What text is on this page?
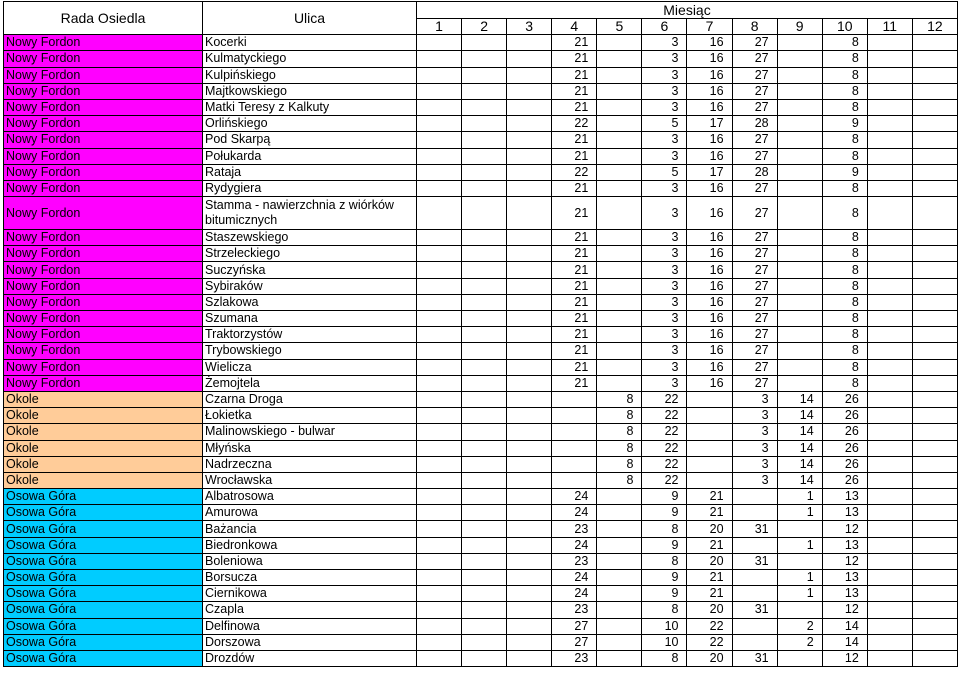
Rada Osiedla	Ulica	Miesiąc											
		1	2	3	4	5	6	7	8	9	10	11	12
Nowy Fordon	Kocerki				21		3	16	27		8		
Nowy Fordon	Kulmatyckiego				21		3	16	27		8		
Nowy Fordon	Kulpińskiego				21		3	16	27		8		
Nowy Fordon	Majtkowskiego				21		3	16	27		8		
Nowy Fordon	Matki Teresy z Kalkuty				21		3	16	27		8		
Nowy Fordon	Orlińskiego				22		5	17	28		9		
Nowy Fordon	Pod Skarpą				21		3	16	27		8		
Nowy Fordon	Połukarda				21		3	16	27		8		
Nowy Fordon	Rataja				22		5	17	28		9		
Nowy Fordon	Rydygiera				21		3	16	27		8		
Nowy Fordon	Stamma - nawierzchnia z wiórków bitumicznych				21		3	16	27		8		
Nowy Fordon	Staszewskiego				21		3	16	27		8		
Nowy Fordon	Strzeleckiego				21		3	16	27		8		
Nowy Fordon	Suczyńska				21		3	16	27		8		
Nowy Fordon	Sybiraków				21		3	16	27		8		
Nowy Fordon	Szlakowa				21		3	16	27		8		
Nowy Fordon	Szumana				21		3	16	27		8		
Nowy Fordon	Traktorzystów				21		3	16	27		8		
Nowy Fordon	Trybowskiego				21		3	16	27		8		
Nowy Fordon	Wielicza				21		3	16	27		8		
Nowy Fordon	Żemojtela				21		3	16	27		8		
Okole	Czarna Droga					8	22		3	14	26		
Okole	Łokietka					8	22		3	14	26		
Okole	Malinowskiego - bulwar					8	22		3	14	26		
Okole	Młyńska					8	22		3	14	26		
Okole	Nadrzeczna					8	22		3	14	26		
Okole	Wrocławska					8	22		3	14	26		
Osowa Góra	Albatrosowa				24		9	21		1	13		
Osowa Góra	Amurowa				24		9	21		1	13		
Osowa Góra	Bażancia				23		8	20	31		12		
Osowa Góra	Biedronkowa				24		9	21		1	13		
Osowa Góra	Boleniowa				23		8	20	31		12		
Osowa Góra	Borsucza				24		9	21		1	13		
Osowa Góra	Ciernikowa				24		9	21		1	13		
Osowa Góra	Czapla				23		8	20	31		12		
Osowa Góra	Delfinowa				27		10	22		2	14		
Osowa Góra	Dorszowa				27		10	22		2	14		
Osowa Góra	Drozdów				23		8	20	31		12		
